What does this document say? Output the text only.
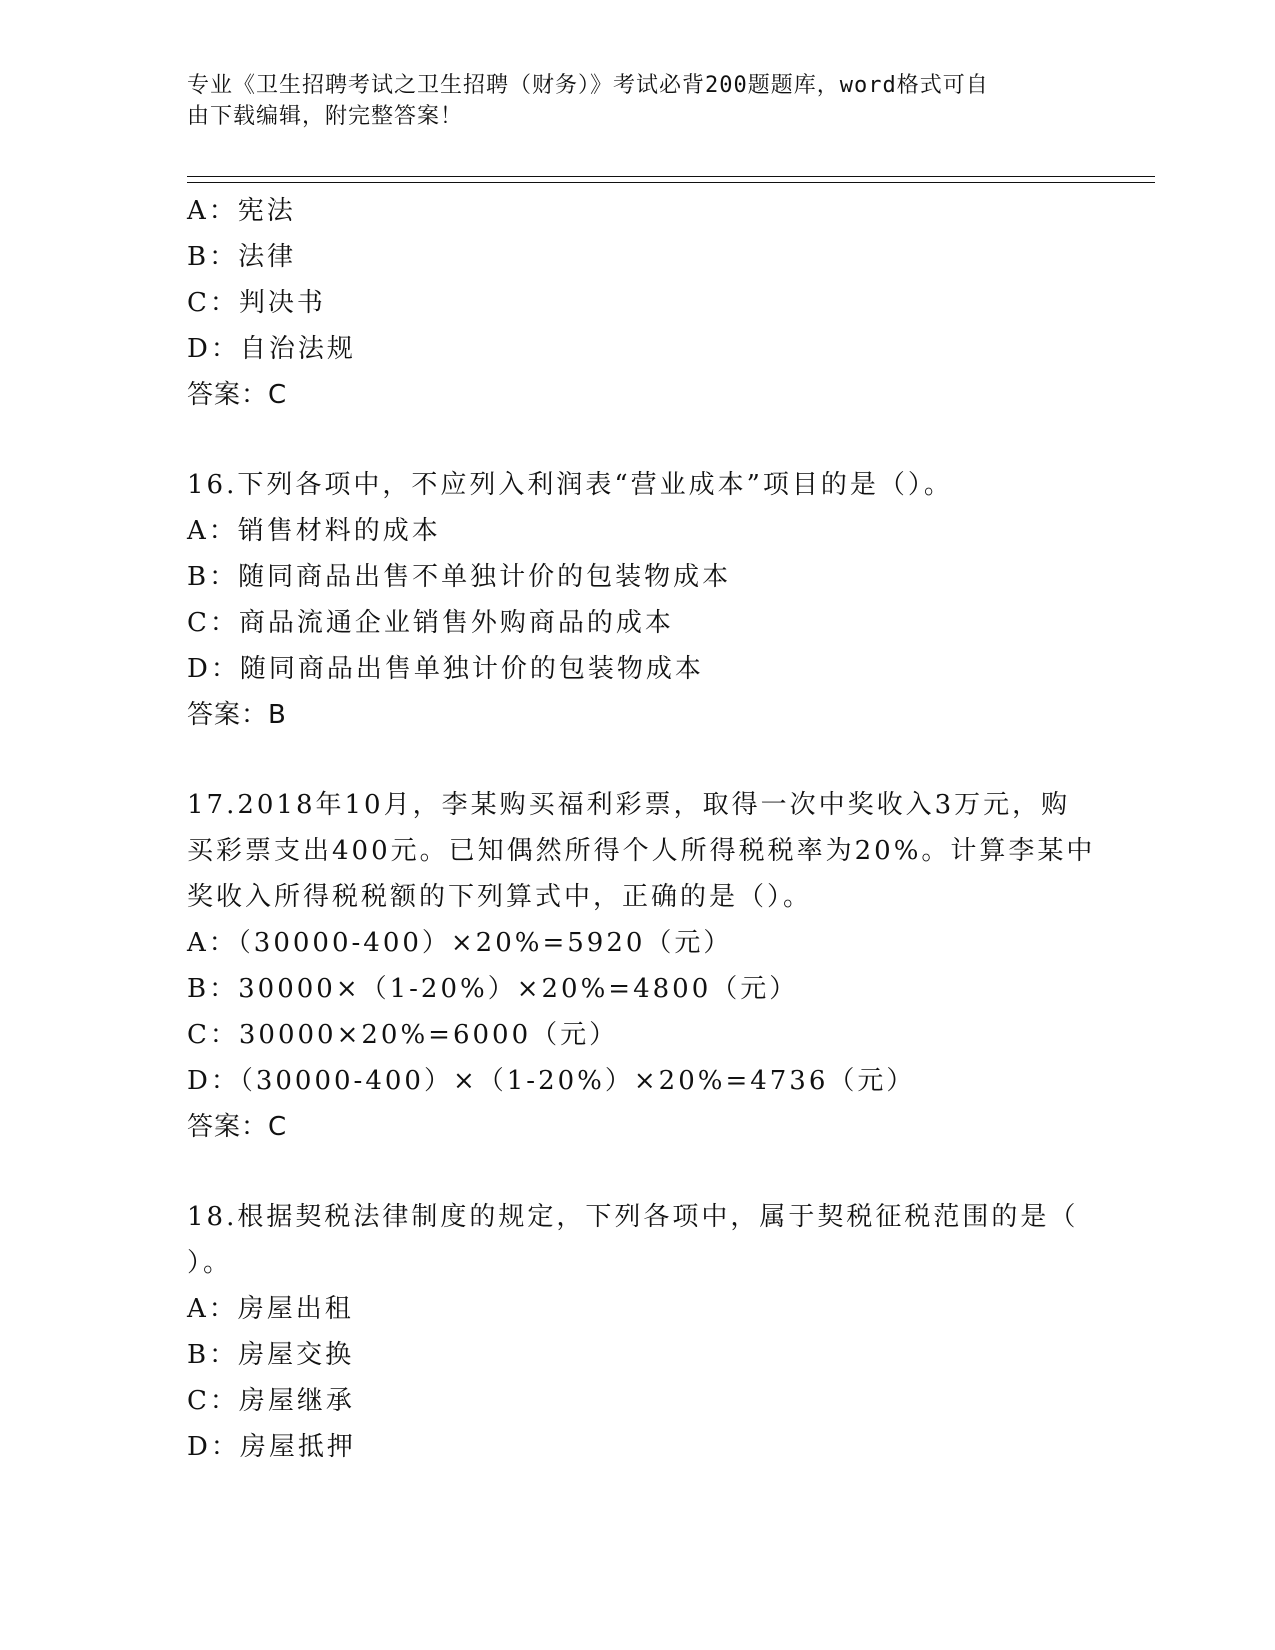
专业《卫生招聘考试之卫生招聘（财务）》考试必背200题题库，word格式可自
由下载编辑，附完整答案！
A：宪法
B：法律
C：判决书
D：自治法规
答案：C
16.下列各项中，不应列入利润表“营业成本”项目的是（）。
A：销售材料的成本
B：随同商品出售不单独计价的包装物成本
C：商品流通企业销售外购商品的成本
D：随同商品出售单独计价的包装物成本
答案：B
17.2018年10月，李某购买福利彩票，取得一次中奖收入3万元，购
买彩票支出400元。已知偶然所得个人所得税税率为20%。计算李某中
奖收入所得税税额的下列算式中，正确的是（）。
A：（30000-400）×20%=5920（元）
B：30000×（1-20%）×20%=4800（元）
C：30000×20%=6000（元）
D：（30000-400）×（1-20%）×20%=4736（元）
答案：C
18.根据契税法律制度的规定，下列各项中，属于契税征税范围的是（
）。
A：房屋出租
B：房屋交换
C：房屋继承
D：房屋抵押
